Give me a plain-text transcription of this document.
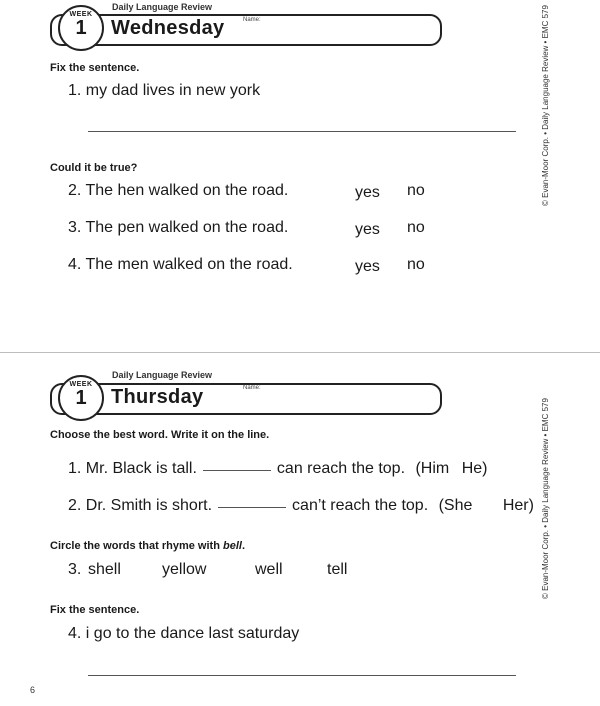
Daily Language Review
WEEK
1	Wednesday	Name:
Fix the sentence.
1. my dad lives in new york
Could it be true?
2. The hen walked on the road.	yes no
3. The pen walked on the road.	yes no
4. The men walked on the road.	yes no
© Evan-Moor Corp. • Daily Language Review • EMC 579
Daily Language Review
WEEK
1	Thursday	Name:
Choose the best word. Write it on the line.
1. Mr. Black is tall.	can reach the top. (Him He)
2. Dr. Smith is short.	can’t reach the top. (She Her)
Circle the words that rhyme with bell.
3. shell	yellow	well	tell
Fix the sentence.
4. i go to the dance last saturday
© Evan-Moor Corp. • Daily Language Review • EMC 579
6
